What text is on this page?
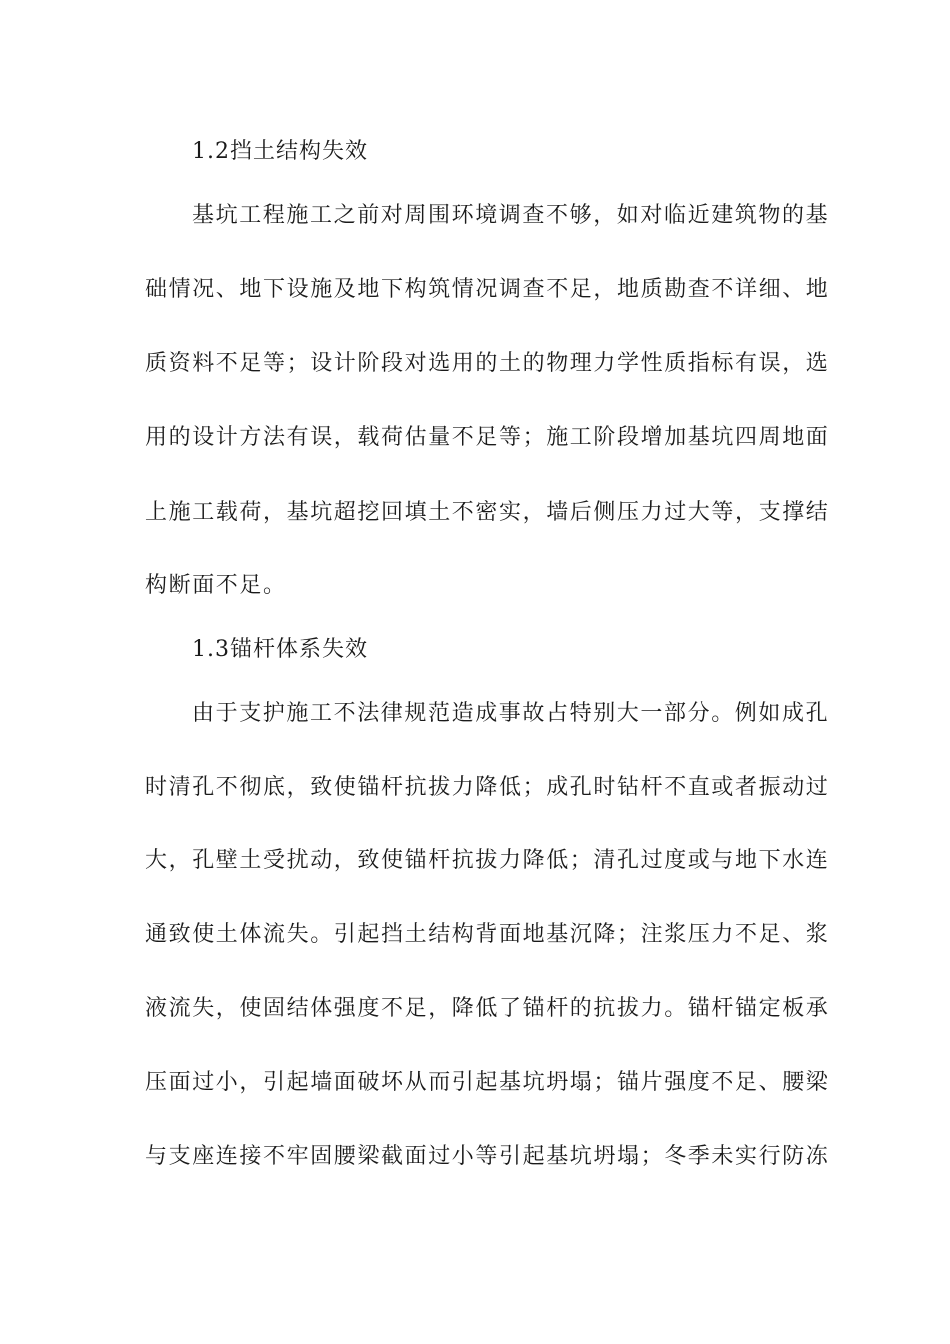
1.2挡土结构失效
基坑工程施工之前对周围环境调查不够，如对临近建筑物的基
础情况、地下设施及地下构筑情况调查不足，地质勘查不详细、地
质资料不足等；设计阶段对选用的土的物理力学性质指标有误，选
用的设计方法有误，载荷估量不足等；施工阶段增加基坑四周地面
上施工载荷，基坑超挖回填土不密实，墙后侧压力过大等，支撑结
构断面不足。
1.3锚杆体系失效
由于支护施工不法律规范造成事故占特别大一部分。例如成孔
时清孔不彻底，致使锚杆抗拔力降低；成孔时钻杆不直或者振动过
大，孔壁土受扰动，致使锚杆抗拔力降低；清孔过度或与地下水连
通致使土体流失。引起挡土结构背面地基沉降；注浆压力不足、浆
液流失，使固结体强度不足，降低了锚杆的抗拔力。锚杆锚定板承
压面过小，引起墙面破坏从而引起基坑坍塌；锚片强度不足、腰梁
与支座连接不牢固腰梁截面过小等引起基坑坍塌；冬季未实行防冻
